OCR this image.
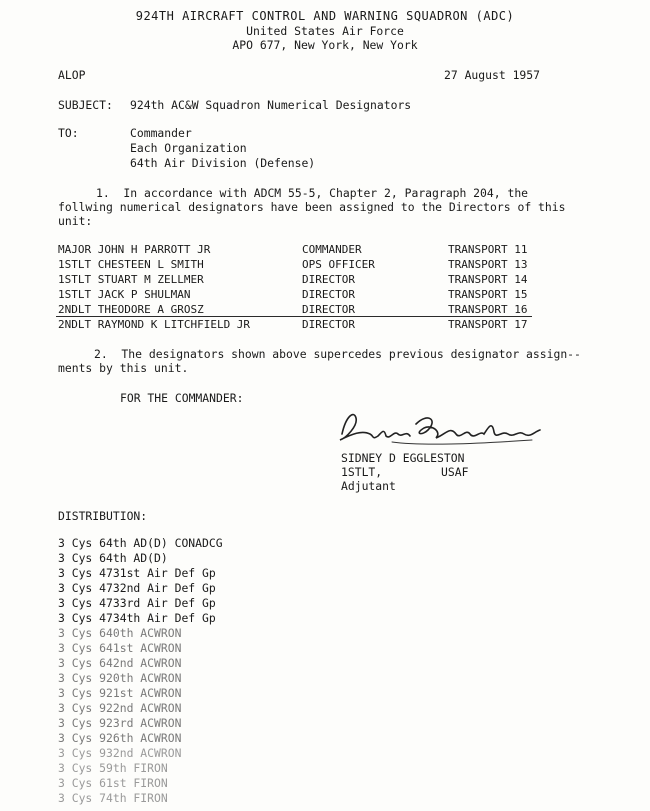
924TH AIRCRAFT CONTROL AND WARNING SQUADRON (ADC)
United States Air Force
APO 677, New York, New York
ALOP	27 August 1957
SUBJECT: 924th AC&W Squadron Numerical Designators
TO:	Commander
Each Organization
64th Air Division (Defense)
1.  In accordance with ADCM 55-5, Chapter 2, Paragraph 204, the
follwing numerical designators have been assigned to the Directors of this
unit:
MAJOR JOHN H PARROTT JR	COMMANDER	TRANSPORT 11
1STLT CHESTEEN L SMITH	OPS OFFICER	TRANSPORT 13
1STLT STUART M ZELLMER	DIRECTOR	TRANSPORT 14
1STLT JACK P SHULMAN	DIRECTOR	TRANSPORT 15
2NDLT THEODORE A GROSZ	DIRECTOR	TRANSPORT 16
2NDLT RAYMOND K LITCHFIELD JR	DIRECTOR	TRANSPORT 17
2.  The designators shown above supercedes previous designator assign--
ments by this unit.
FOR THE COMMANDER:
SIDNEY D EGGLESTON
1STLT,	USAF
Adjutant
DISTRIBUTION:
3 Cys 64th AD(D) CONADCG
3 Cys 64th AD(D)
3 Cys 4731st Air Def Gp
3 Cys 4732nd Air Def Gp
3 Cys 4733rd Air Def Gp
3 Cys 4734th Air Def Gp
3 Cys 640th ACWRON
3 Cys 641st ACWRON
3 Cys 642nd ACWRON
3 Cys 920th ACWRON
3 Cys 921st ACWRON
3 Cys 922nd ACWRON
3 Cys 923rd ACWRON
3 Cys 926th ACWRON
3 Cys 932nd ACWRON
3 Cys 59th FIRON
3 Cys 61st FIRON
3 Cys 74th FIRON
